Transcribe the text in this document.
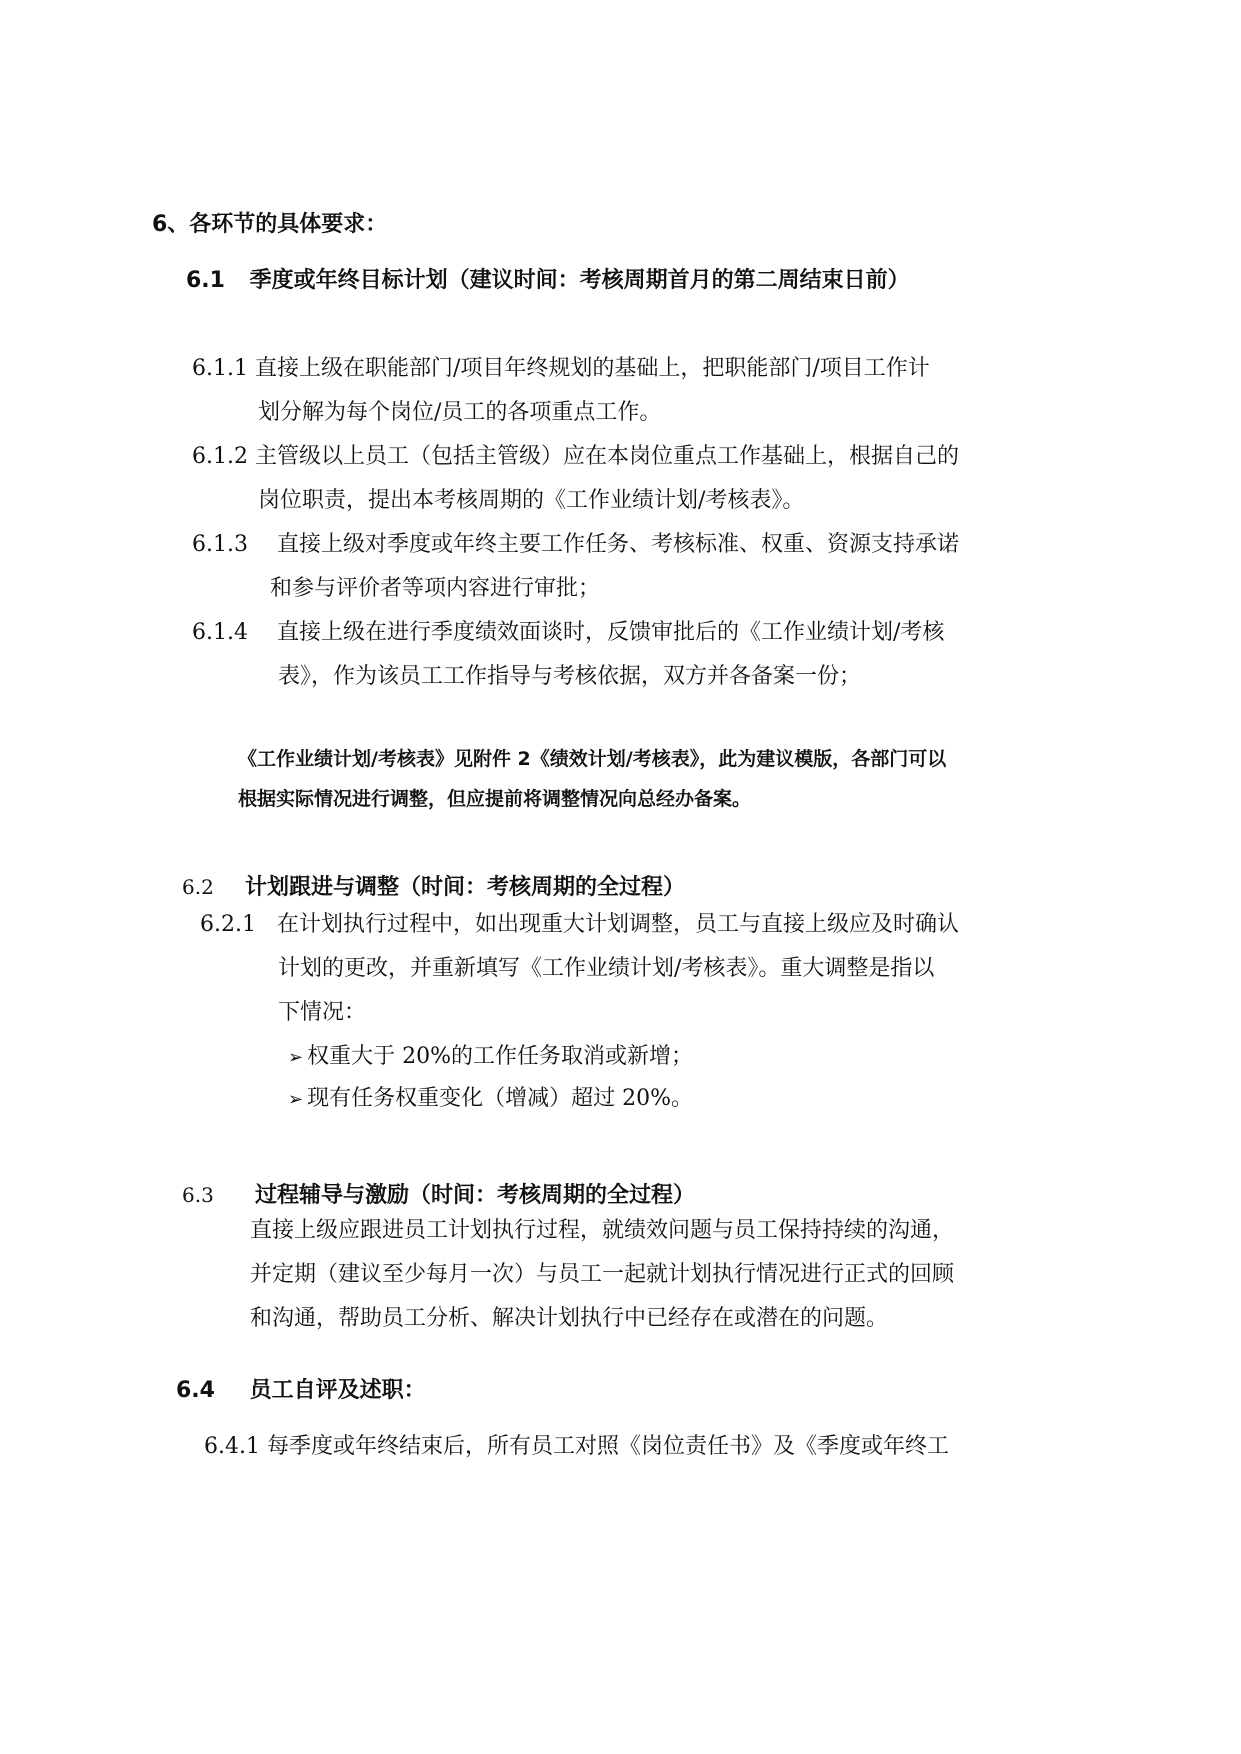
6、各环节的具体要求：
6.1 季度或年终目标计划（建议时间：考核周期首月的第二周结束日前）
6.1.1 直接上级在职能部门/项目年终规划的基础上，把职能部门/项目工作计
划分解为每个岗位/员工的各项重点工作。
6.1.2 主管级以上员工（包括主管级）应在本岗位重点工作基础上，根据自己的
岗位职责，提出本考核周期的《工作业绩计划/考核表》。
6.1.3 直接上级对季度或年终主要工作任务、考核标准、权重、资源支持承诺
和参与评价者等项内容进行审批；
6.1.4 直接上级在进行季度绩效面谈时，反馈审批后的《工作业绩计划/考核
表》，作为该员工工作指导与考核依据，双方并各备案一份；
《工作业绩计划/考核表》见附件 2《绩效计划/考核表》，此为建议模版，各部门可以
根据实际情况进行调整，但应提前将调整情况向总经办备案。
6.2 计划跟进与调整（时间：考核周期的全过程）
6.2.1 在计划执行过程中，如出现重大计划调整，员工与直接上级应及时确认
计划的更改，并重新填写《工作业绩计划/考核表》。重大调整是指以
下情况：
➢ 权重大于 20%的工作任务取消或新增；
➢ 现有任务权重变化（增减）超过 20%。
6.3 过程辅导与激励（时间：考核周期的全过程）
直接上级应跟进员工计划执行过程，就绩效问题与员工保持持续的沟通，
并定期（建议至少每月一次）与员工一起就计划执行情况进行正式的回顾
和沟通，帮助员工分析、解决计划执行中已经存在或潜在的问题。
6.4 员工自评及述职：
6.4.1 每季度或年终结束后，所有员工对照《岗位责任书》及《季度或年终工
